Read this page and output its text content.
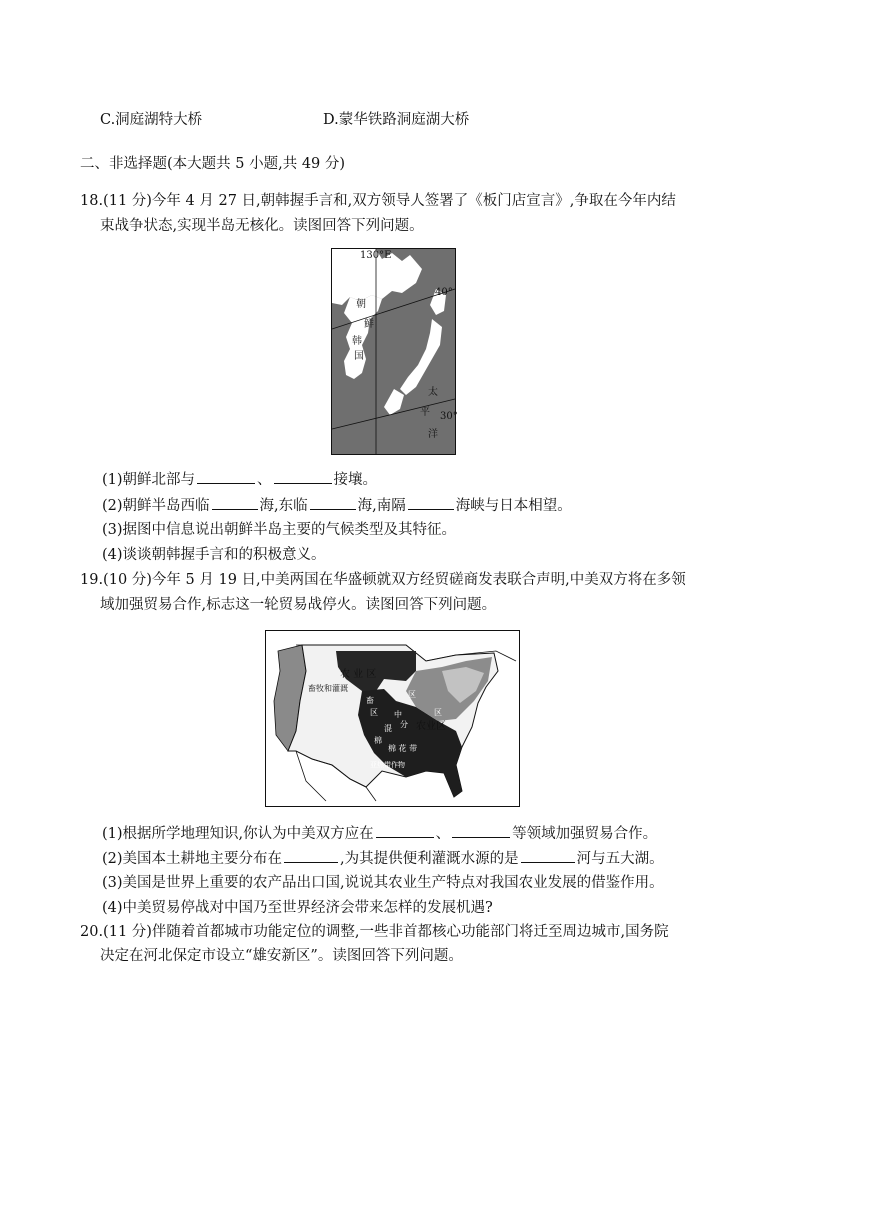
C.洞庭湖特大桥	D.蒙华铁路洞庭湖大桥
二、非选择题(本大题共 5 小题,共 49 分)
18.(11 分)今年 4 月 27 日,朝韩握手言和,双方领导人签署了《板门店宣言》,争取在今年内结
束战争状态,实现半岛无核化。读图回答下列问题。
130°E
40°
30°
朝
鲜
韩
国
太
平
洋
(1)朝鲜北部与	、	接壤。
(2)朝鲜半岛西临	海,东临	海,南隔	海峡与日本相望。
(3)据图中信息说出朝鲜半岛主要的气候类型及其特征。
(4)谈谈朝韩握手言和的积极意义。
19.(10 分)今年 5 月 19 日,中美两国在华盛顿就双方经贸磋商发表联合声明,中美双方将在多领
域加强贸易合作,标志这一轮贸易战停火。读图回答下列问题。
农 业 区
畜牧和灌溉
农业区
畜
区
区
区
中
分
混
棉
棉 花 带
亚热带作物
(1)根据所学地理知识,你认为中美双方应在	、	等领域加强贸易合作。
(2)美国本土耕地主要分布在	,为其提供便利灌溉水源的是	河与五大湖。
(3)美国是世界上重要的农产品出口国,说说其农业生产特点对我国农业发展的借鉴作用。
(4)中美贸易停战对中国乃至世界经济会带来怎样的发展机遇?
20.(11 分)伴随着首都城市功能定位的调整,一些非首都核心功能部门将迁至周边城市,国务院
决定在河北保定市设立“雄安新区”。读图回答下列问题。
